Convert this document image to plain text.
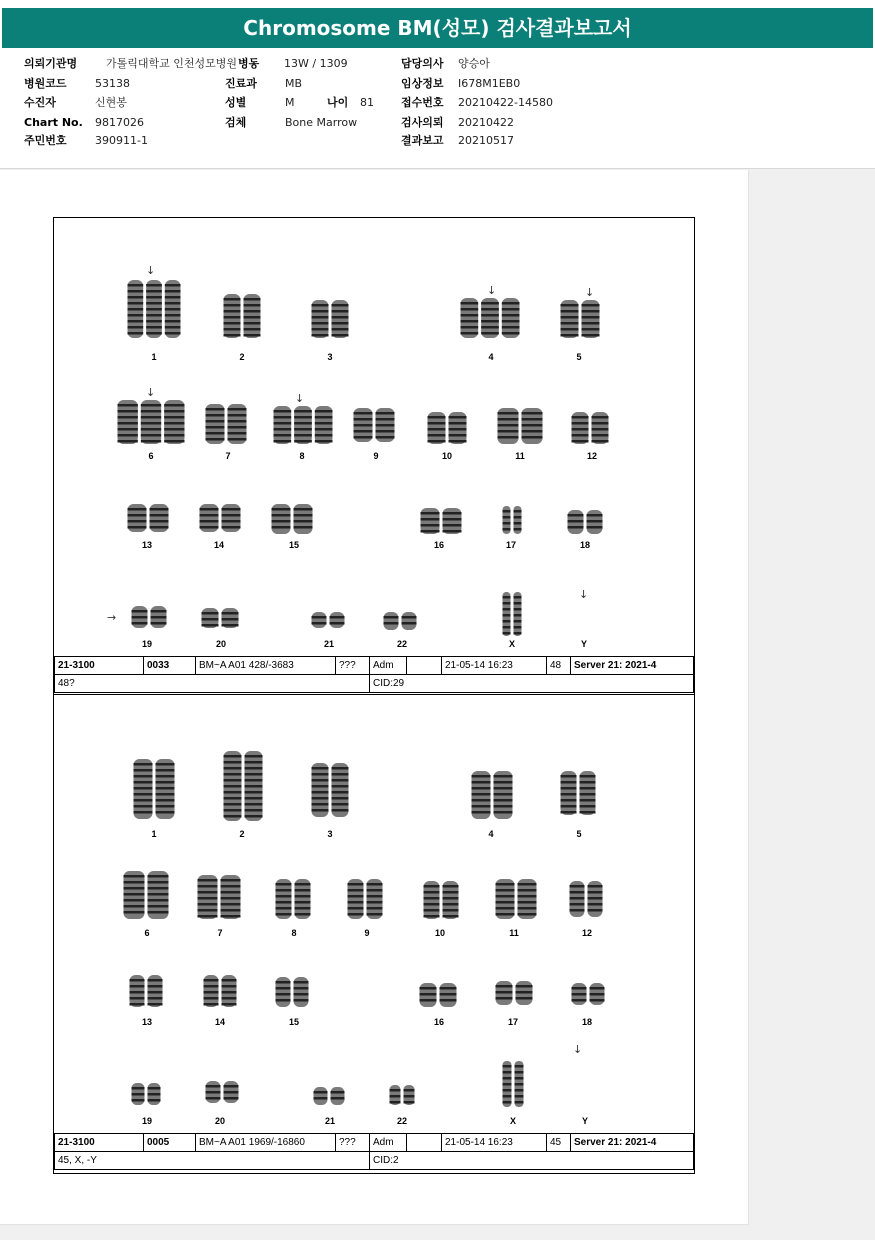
Chromosome BM(성모) 검사결과보고서
의뢰기관명	가톨릭대학교 인천성모병원
병원코드	53138
수진자	신현봉
Chart No. 9817026
주민번호	390911-1
병동 13W / 1309
진료과	MB
성별	M	나이 81
검체	Bone Marrow
담당의사 양승아
임상정보 I678M1EB0
접수번호 20210422-14580
검사의뢰 20210422
결과보고 20210517
1	2	3	4	5
6	7	8	9	10	11	12
13	14	15	16	17	18
19	20	21	22	X	Y
↓
↓	↓
↓	↓
↓
→
21-3100	0033	BM~A A01 428/-3683	???	Adm		21-05-14 16:23	48	Server 21: 2021-4
48?				CID:29				
1	2	3	4	5
6	7	8	9	10	11	12
13	14	15	16	17	18
19	20	21	22	X	Y
↓
21-3100	0005	BM~A A01 1969/-16860	???	Adm		21-05-14 16:23	45	Server 21: 2021-4
45, X, -Y				CID:2				
